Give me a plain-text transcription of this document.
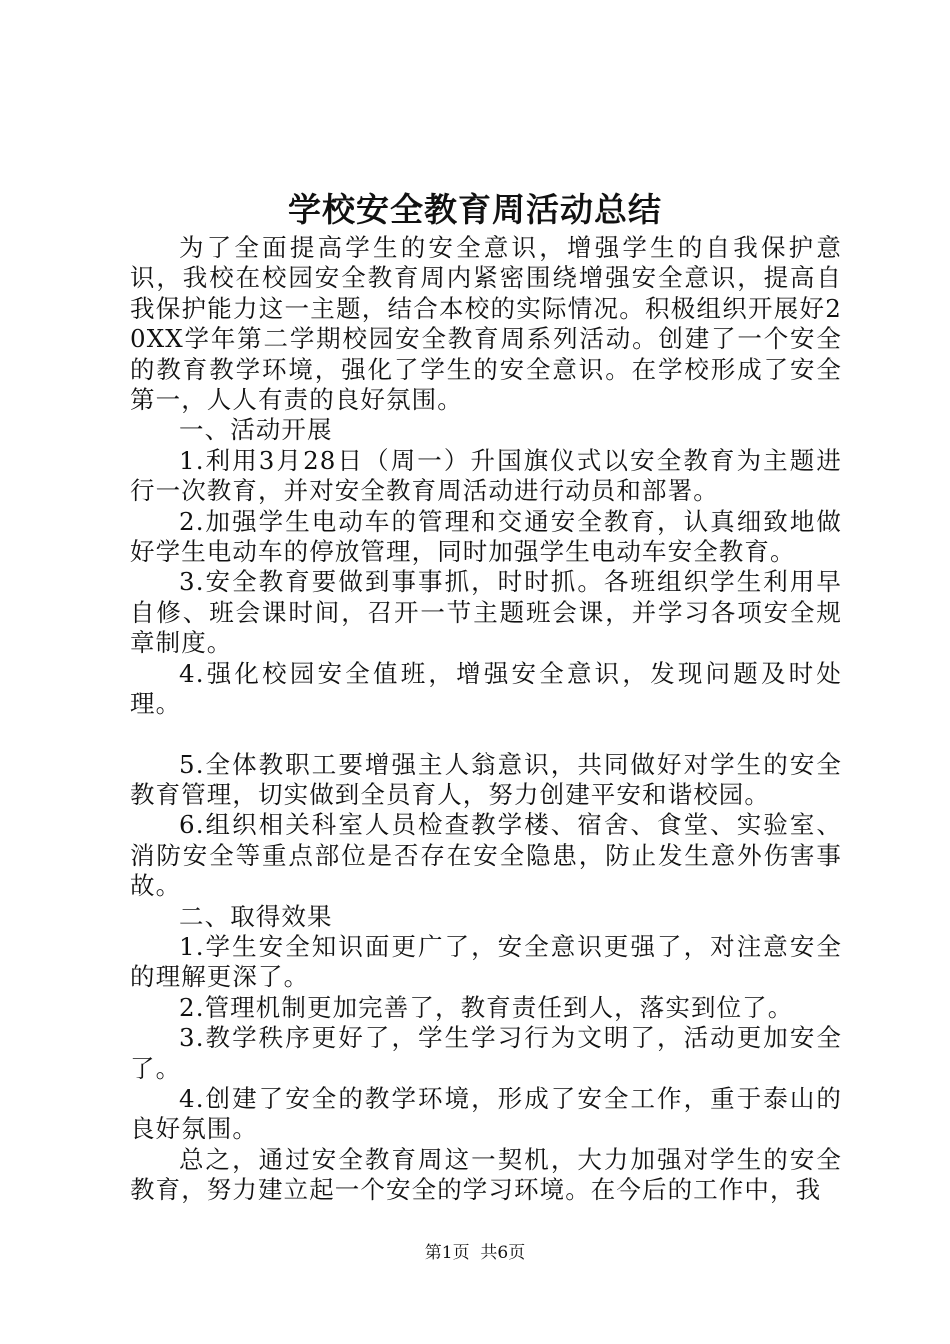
学校安全教育周活动总结

为了全面提高学生的安全意识，增强学生的自我保护意识，我校在校园安全教育周内紧密围绕增强安全意识，提高自我保护能力这一主题，结合本校的实际情况。积极组织开展好20XX学年第二学期校园安全教育周系列活动。创建了一个安全的教育教学环境，强化了学生的安全意识。在学校形成了安全第一，人人有责的良好氛围。

一、活动开展

1.利用3月28日（周一）升国旗仪式以安全教育为主题进行一次教育，并对安全教育周活动进行动员和部署。

2.加强学生电动车的管理和交通安全教育，认真细致地做好学生电动车的停放管理，同时加强学生电动车安全教育。

3.安全教育要做到事事抓，时时抓。各班组织学生利用早自修、班会课时间，召开一节主题班会课，并学习各项安全规章制度。

4.强化校园安全值班，增强安全意识，发现问题及时处理。

5.全体教职工要增强主人翁意识，共同做好对学生的安全教育管理，切实做到全员育人，努力创建平安和谐校园。

6.组织相关科室人员检查教学楼、宿舍、食堂、实验室、消防安全等重点部位是否存在安全隐患，防止发生意外伤害事故。

二、取得效果

1.学生安全知识面更广了，安全意识更强了，对注意安全的理解更深了。

2.管理机制更加完善了，教育责任到人，落实到位了。

3.教学秩序更好了，学生学习行为文明了，活动更加安全了。

4.创建了安全的教学环境，形成了安全工作，重于泰山的良好氛围。

总之，通过安全教育周这一契机，大力加强对学生的安全教育，努力建立起一个安全的学习环境。在今后的工作中，我

第1页  共6页
